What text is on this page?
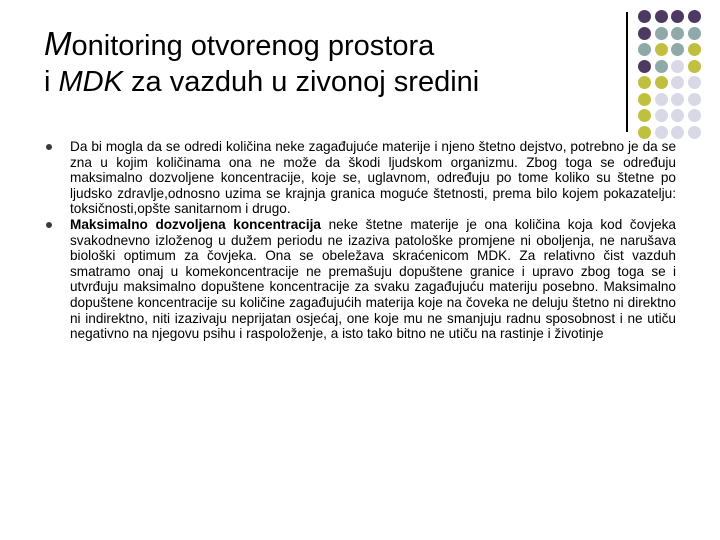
Monitoring otvorenog prostora
i MDK za vazduh u zivonoj sredini
Da bi mogla da se odredi količina neke zagađujuće materije i njeno štetno dejstvo, potrebno je da se zna u kojim količinama ona ne može da škodi ljudskom organizmu. Zbog toga se određuju maksimalno dozvoljene koncentracije, koje se, uglavnom, određuju po tome koliko su štetne po ljudsko zdravlje,odnosno uzima se krajnja granica moguće štetnosti, prema bilo kojem pokazatelju: toksičnosti,opšte sanitarnom i drugo.
Maksimalno dozvoljena koncentracija neke štetne materije je ona količina koja kod čovjeka svakodnevno izloženog u dužem periodu ne izaziva patološke promjene ni oboljenja, ne narušava biološki optimum za čovjeka. Ona se obeležava skraćenicom MDK. Za relativno čist vazduh smatramo onaj u komekoncentracije ne premašuju dopuštene granice i upravo zbog toga se i utvrđuju maksimalno dopuštene koncentracije za svaku zagađujuću materiju posebno. Maksimalno dopuštene koncentracije su količine zagađujućih materija koje na čoveka ne deluju štetno ni direktno ni indirektno, niti izazivaju neprijatan osjećaj, one koje mu ne smanjuju radnu sposobnost i ne utiču negativno na njegovu psihu i raspoloženje, a isto tako bitno ne utiču na rastinje i životinje
